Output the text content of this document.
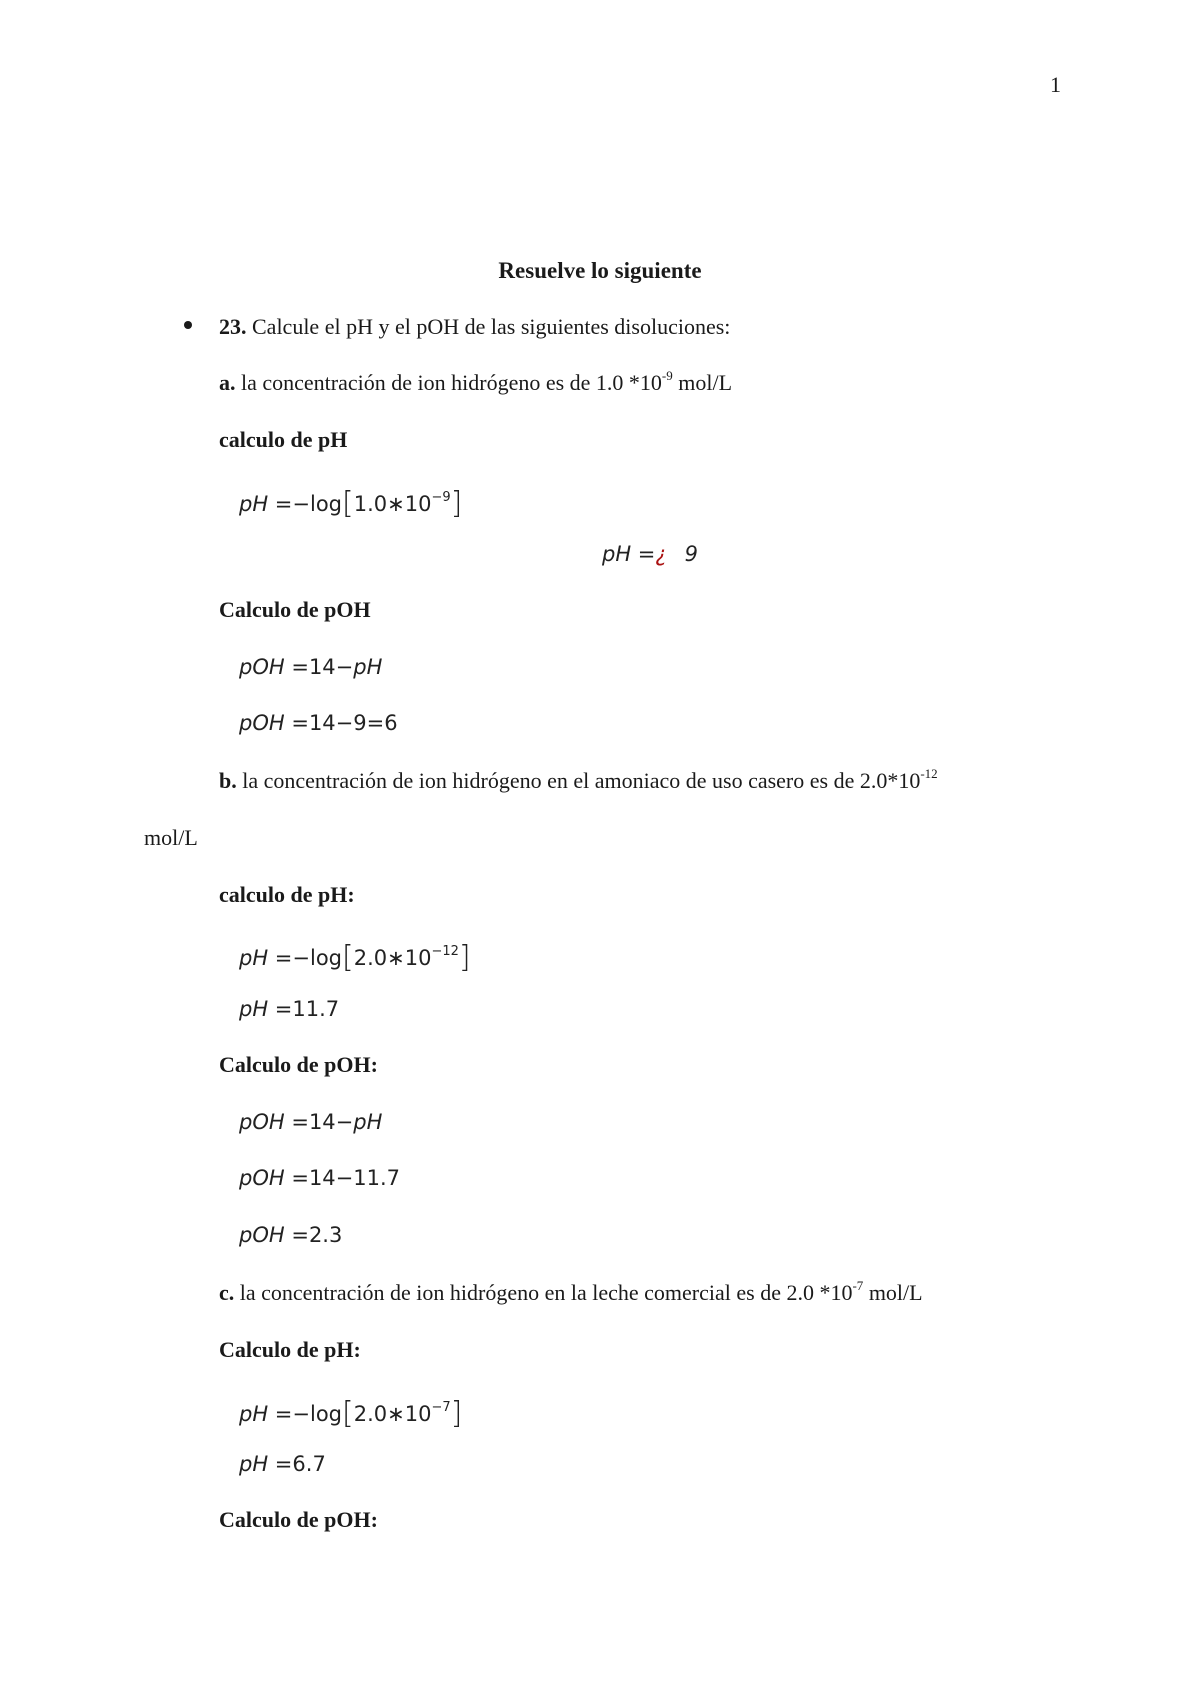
1
Resuelve lo siguiente
23. Calcule el pH y el pOH de las siguientes disoluciones:
a. la concentración de ion hidrógeno es de 1.0 $*10^{-9}$ mol/L
calculo de pH
pH $=-\log[1.0∗10^{-9}]$
pH =¿ 9
Calculo de pOH
pOH =14−pH
pOH =14−9=6
b. la concentración de ion hidrógeno en el amoniaco de uso casero es de $2.0*10^{-12}$
mol/L
calculo de pH:
pH $=-\log[2.0∗10^{-12}]$
pH =11.7
Calculo de pOH:
pOH =14−pH
pOH =14−11.7
pOH =2.3
c. la concentración de ion hidrógeno en la leche comercial es de 2.0 $*10^{-7}$ mol/L
Calculo de pH:
pH $=-\log[2.0∗10^{-7}]$
pH =6.7
Calculo de pOH:
